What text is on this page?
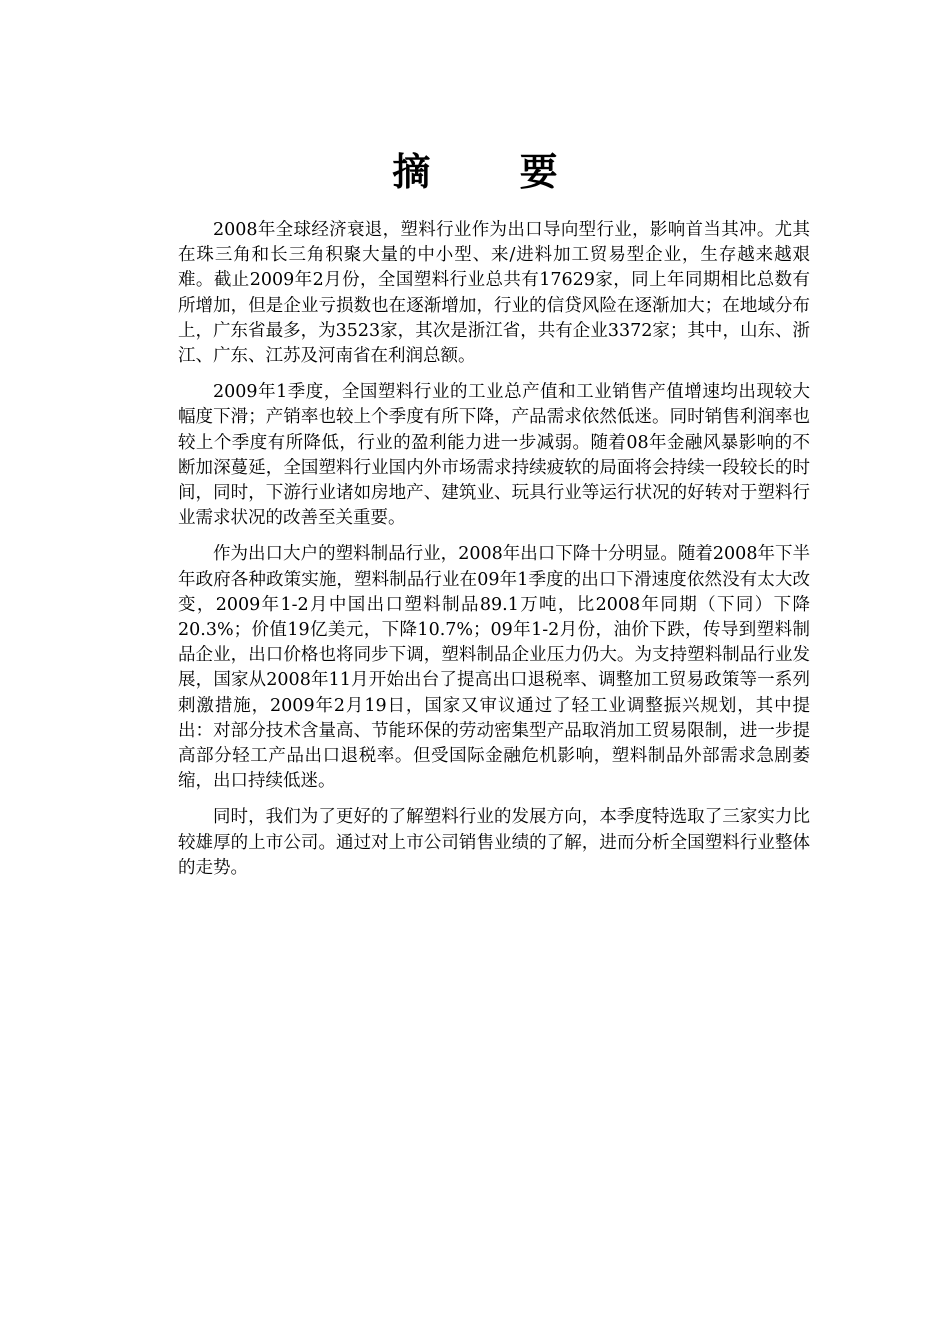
摘 要

2008年全球经济衰退，塑料行业作为出口导向型行业，影响首当其冲。尤其在珠三角和长三角积聚大量的中小型、来/进料加工贸易型企业，生存越来越艰难。截止2009年2月份，全国塑料行业总共有17629家，同上年同期相比总数有所增加，但是企业亏损数也在逐渐增加，行业的信贷风险在逐渐加大；在地域分布上，广东省最多，为3523家，其次是浙江省，共有企业3372家；其中，山东、浙江、广东、江苏及河南省在利润总额。

2009年1季度，全国塑料行业的工业总产值和工业销售产值增速均出现较大幅度下滑；产销率也较上个季度有所下降，产品需求依然低迷。同时销售利润率也较上个季度有所降低，行业的盈利能力进一步减弱。随着08年金融风暴影响的不断加深蔓延，全国塑料行业国内外市场需求持续疲软的局面将会持续一段较长的时间，同时，下游行业诸如房地产、建筑业、玩具行业等运行状况的好转对于塑料行业需求状况的改善至关重要。

作为出口大户的塑料制品行业，2008年出口下降十分明显。随着2008年下半年政府各种政策实施，塑料制品行业在09年1季度的出口下滑速度依然没有太大改变，2009年1-2月中国出口塑料制品89.1万吨，比2008年同期（下同）下降20.3%；价值19亿美元，下降10.7%；09年1-2月份，油价下跌，传导到塑料制品企业，出口价格也将同步下调，塑料制品企业压力仍大。为支持塑料制品行业发展，国家从2008年11月开始出台了提高出口退税率、调整加工贸易政策等一系列刺激措施，2009年2月19日，国家又审议通过了轻工业调整振兴规划，其中提出：对部分技术含量高、节能环保的劳动密集型产品取消加工贸易限制，进一步提高部分轻工产品出口退税率。但受国际金融危机影响，塑料制品外部需求急剧萎缩，出口持续低迷。

同时，我们为了更好的了解塑料行业的发展方向，本季度特选取了三家实力比较雄厚的上市公司。通过对上市公司销售业绩的了解，进而分析全国塑料行业整体的走势。
